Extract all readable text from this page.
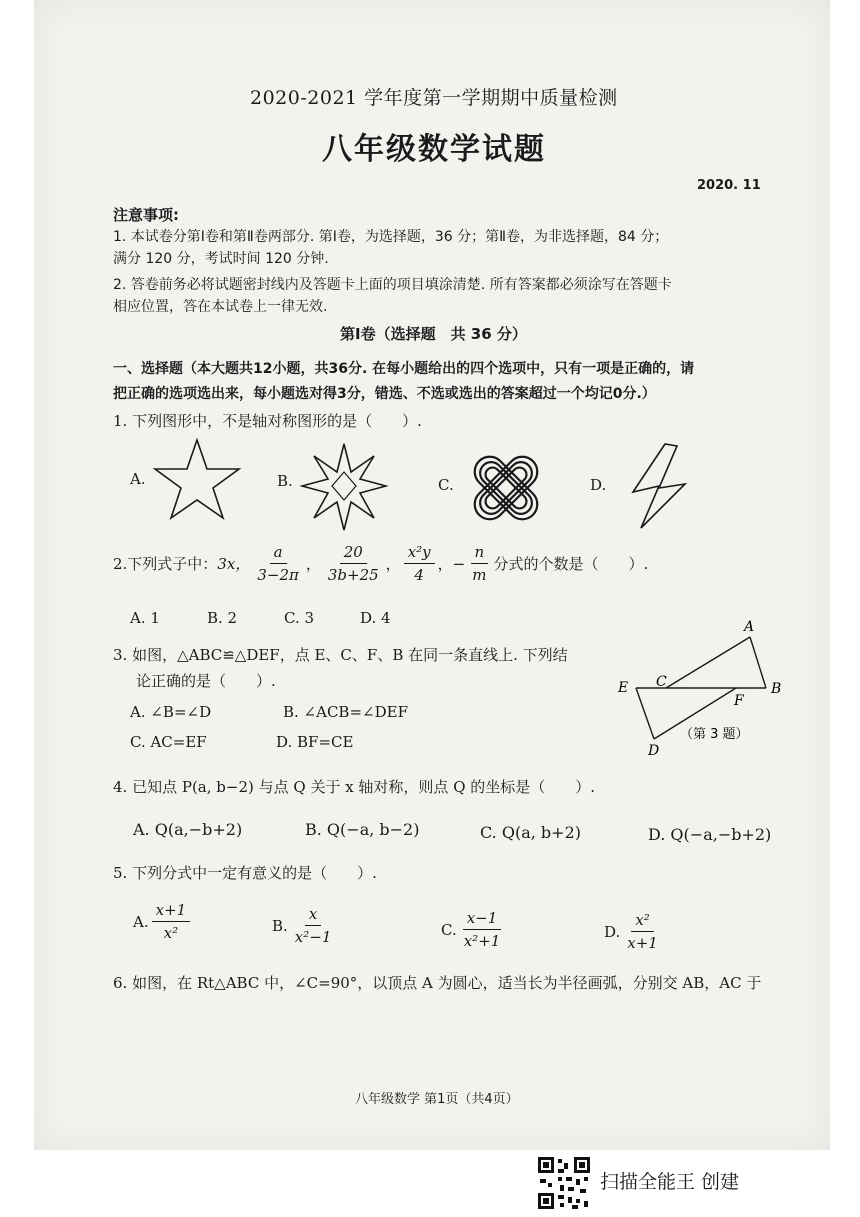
2020-2021 学年度第一学期期中质量检测
八年级数学试题
2020. 11
注意事项:
1. 本试卷分第Ⅰ卷和第Ⅱ卷两部分. 第Ⅰ卷，为选择题，36 分；第Ⅱ卷，为非选择题，84 分；
满分 120 分，考试时间 120 分钟.
2. 答卷前务必将试题密封线内及答题卡上面的项目填涂清楚. 所有答案都必须涂写在答题卡
相应位置，答在本试卷上一律无效.
第Ⅰ卷（选择题　共 36 分）
一、选择题（本大题共12小题，共36分. 在每小题给出的四个选项中，只有一项是正确的，请
把正确的选项选出来，每小题选对得3分，错选、不选或选出的答案超过一个均记0分.）
1. 下列图形中，不是轴对称图形的是（　　）.
A.	B.	C.	D.
2.下列式子中： 3x， $\frac{a}{3-2\pi}$ ， $\frac{20}{3b+25}$ ， $\frac{\text{x²y}}{4}$ ， − $\frac{n}{m}$ 分式的个数是（　　）.
A. 1	B. 2	C. 3	D. 4
3. 如图，△ABC≌△DEF，点 E、C、F、B 在同一条直线上. 下列结
论正确的是（　　）.
A. ∠B=∠D	B. ∠ACB=∠DEF
C. AC=EF	D. BF=CE
A
E C
F
B
D
（第 3 题）
4. 已知点 P(a, b−2) 与点 Q 关于 x 轴对称，则点 Q 的坐标是（　　）.
A. Q(a,−b+2)	B. Q(−a, b−2)	C. Q(a, b+2)	D. Q(−a,−b+2)
5. 下列分式中一定有意义的是（　　）.
A. $\frac{x+1}{\text{x²}}$	B. $\frac{x}{\text{x²−1}}$	C. $\frac{x-1}{\text{x²+1}}$	D. $\frac{\text{x²}}{x+1}$
6. 如图，在 Rt△ABC 中，∠C=90°，以顶点 A 为圆心，适当长为半径画弧，分别交 AB，AC 于
八年级数学 第1页（共4页）
扫描全能王 创建
